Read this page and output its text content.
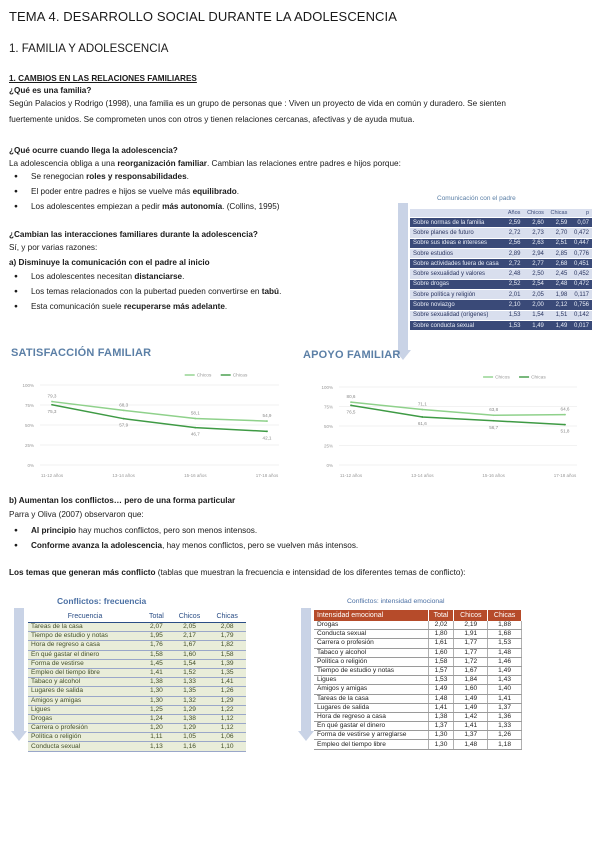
TEMA 4. DESARROLLO SOCIAL DURANTE LA ADOLESCENCIA
1. FAMILIA Y ADOLESCENCIA
1. CAMBIOS EN LAS RELACIONES FAMILIARES
¿Qué es una familia?
Según Palacios y Rodrigo (1998), una familia es un grupo de personas que : Viven un proyecto de vida en común y duradero. Se sienten
fuertemente unidos. Se comprometen unos con otros y tienen relaciones cercanas, afectivas y de ayuda mutua.
¿Qué ocurre cuando llega la adolescencia?
La adolescencia obliga a una reorganización familiar. Cambian las relaciones entre padres e hijos porque:
● Se renegocian roles y responsabilidades.
● El poder entre padres e hijos se vuelve más equilibrado.
● Los adolescentes empiezan a pedir más autonomía. (Collins, 1995)
¿Cambian las interacciones familiares durante la adolescencia?
Sí, y por varias razones:
a) Disminuye la comunicación con el padre al inicio
● Los adolescentes necesitan distanciarse.
● Los temas relacionados con la pubertad pueden convertirse en tabú.
● Esta comunicación suele recuperarse más adelante.
Comunicación con el padre
	Años	Chicos	Chicas	p
Sobre normas de la familia	2,59	2,60	2,59	0,07
Sobre planes de futuro	2,72	2,73	2,70	0,472
Sobre sus ideas e intereses	2,56	2,63	2,51	0,447
Sobre estudios	2,89	2,94	2,85	0,776
Sobre actividades fuera de casa	2,72	2,77	2,68	0,451
Sobre sexualidad y valores	2,48	2,50	2,45	0,452
Sobre drogas	2,52	2,54	2,48	0,472
Sobre política y religión	2,01	2,05	1,98	0,117
Sobre noviazgo	2,10	2,00	2,12	0,756
Sobre sexualidad (orígenes)	1,53	1,54	1,51	0,142
Sobre conducta sexual	1,53	1,49	1,49	0,017
SATISFACCIÓN FAMILIAR	APOYO FAMILIAR
100%
75%
50%
25%
0%
11-12 años	13-14 años	15-16 años	17-18 años
Chicos	Chicas
79,3
68,3
58,1
54,9
75,3
57,9
46,7
42,1
100%
75%
50%
25%
0%
11-12 años	13-14 años	15-16 años	17-18 años
Chicos	Chicas
80,6
71,1
63,8	64,6
76,5
61,6
56,7
51,8
b) Aumentan los conflictos… pero de una forma particular
Parra y Oliva (2007) observaron que:
● Al principio hay muchos conflictos, pero son menos intensos.
● Conforme avanza la adolescencia, hay menos conflictos, pero se vuelven más intensos.
Los temas que generan más conflicto (tablas que muestran la frecuencia e intensidad de los diferentes temas de conflicto):
Conflictos: frecuencia
Frecuencia	Total	Chicos	Chicas
Tareas de la casa	2,07	2,05	2,08
Tiempo de estudio y notas	1,95	2,17	1,79
Hora de regreso a casa	1,76	1,67	1,82
En qué gastar el dinero	1,58	1,60	1,58
Forma de vestirse	1,45	1,54	1,39
Empleo del tiempo libre	1,41	1,52	1,35
Tabaco y alcohol	1,38	1,33	1,41
Lugares de salida	1,30	1,35	1,26
Amigos y amigas	1,30	1,32	1,29
Ligues	1,25	1,29	1,22
Drogas	1,24	1,38	1,12
Carrera o profesión	1,20	1,29	1,12
Política o religión	1,11	1,05	1,06
Conducta sexual	1,13	1,16	1,10
Conflictos: intensidad emocional
Intensidad emocional	Total	Chicos	Chicas
Drogas	2,02	2,19	1,88
Conducta sexual	1,80	1,91	1,68
Carrera o profesión	1,61	1,77	1,53
Tabaco y alcohol	1,60	1,77	1,48
Política o religión	1,58	1,72	1,46
Tiempo de estudio y notas	1,57	1,67	1,49
Ligues	1,53	1,84	1,43
Amigos y amigas	1,49	1,60	1,40
Tareas de la casa	1,48	1,49	1,41
Lugares de salida	1,41	1,49	1,37
Hora de regreso a casa	1,38	1,42	1,36
En qué gastar el dinero	1,37	1,41	1,33
Forma de vestirse y arreglarse	1,30	1,37	1,26
Empleo del tiempo libre	1,30	1,48	1,18
